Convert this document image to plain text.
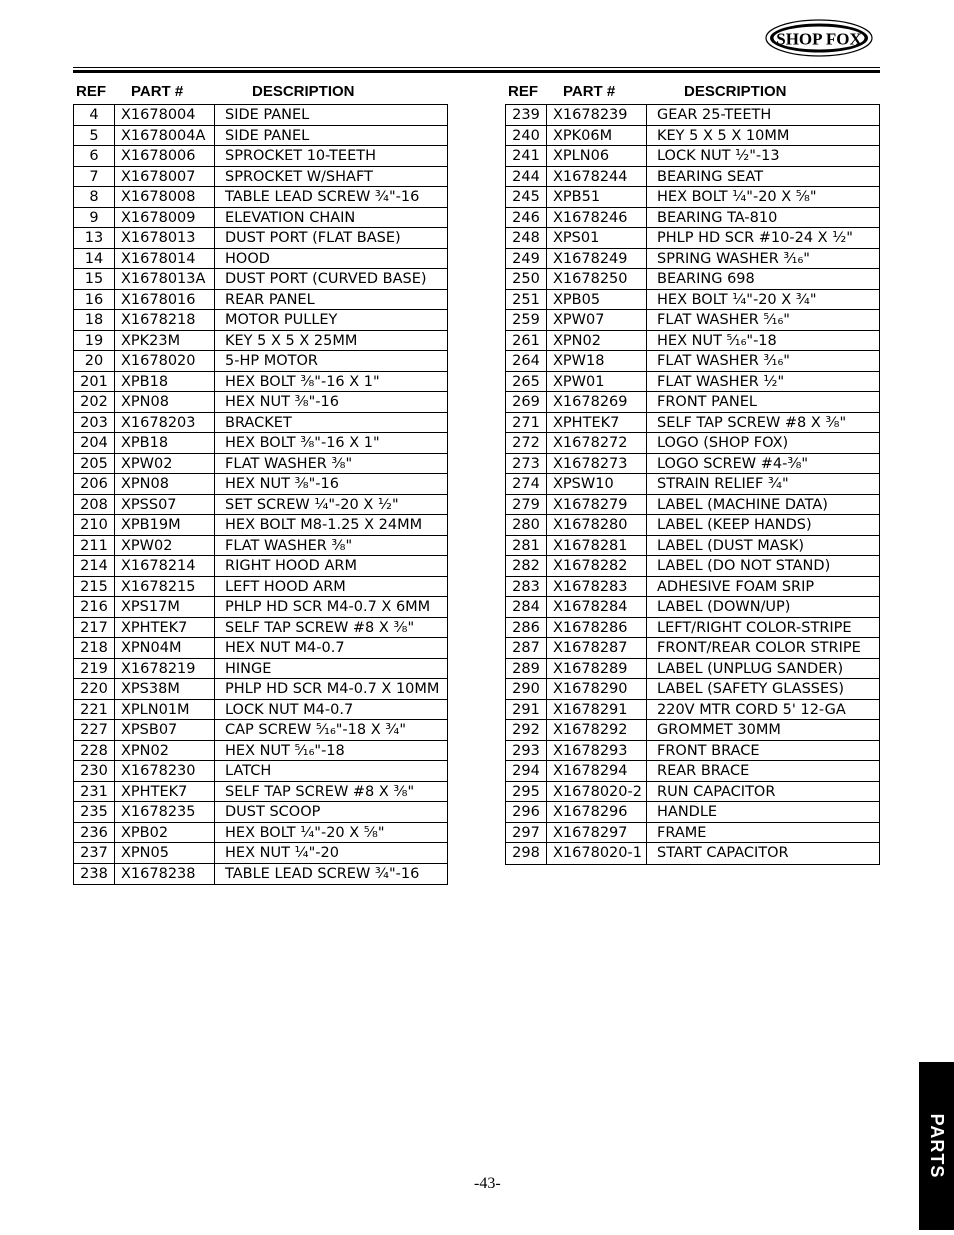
SHOP FOX
REF PART #	DESCRIPTION	REF PART #	DESCRIPTION
4	X1678004	SIDE PANEL
5	X1678004A	SIDE PANEL
6	X1678006	SPROCKET 10-TEETH
7	X1678007	SPROCKET W/SHAFT
8	X1678008	TABLE LEAD SCREW ³⁄₄"-16
9	X1678009	ELEVATION CHAIN
13	X1678013	DUST PORT (FLAT BASE)
14	X1678014	HOOD
15	X1678013A	DUST PORT (CURVED BASE)
16	X1678016	REAR PANEL
18	X1678218	MOTOR PULLEY
19	XPK23M	KEY 5 X 5 X 25MM
20	X1678020	5-HP MOTOR
201 XPB18	HEX BOLT ³⁄₈"-16 X 1"
202 XPN08	HEX NUT ³⁄₈"-16
203 X1678203	BRACKET
204 XPB18	HEX BOLT ³⁄₈"-16 X 1"
205 XPW02	FLAT WASHER ³⁄₈"
206 XPN08	HEX NUT ³⁄₈"-16
208 XPSS07	SET SCREW ¹⁄₄"-20 X ¹⁄₂"
210 XPB19M	HEX BOLT M8-1.25 X 24MM
211 XPW02	FLAT WASHER ³⁄₈"
214 X1678214	RIGHT HOOD ARM
215 X1678215	LEFT HOOD ARM
216 XPS17M	PHLP HD SCR M4-0.7 X 6MM
217 XPHTEK7	SELF TAP SCREW #8 X ³⁄₈"
218 XPN04M	HEX NUT M4-0.7
219 X1678219	HINGE
220 XPS38M	PHLP HD SCR M4-0.7 X 10MM
221 XPLN01M	LOCK NUT M4-0.7
227 XPSB07	CAP SCREW ⁵⁄₁₆"-18 X ³⁄₄"
228 XPN02	HEX NUT ⁵⁄₁₆"-18
230 X1678230	LATCH
231 XPHTEK7	SELF TAP SCREW #8 X ³⁄₈"
235 X1678235	DUST SCOOP
236 XPB02	HEX BOLT ¹⁄₄"-20 X ⁵⁄₈"
237 XPN05	HEX NUT ¹⁄₄"-20
238 X1678238	TABLE LEAD SCREW ³⁄₄"-16
239 X1678239	GEAR 25-TEETH
240 XPK06M	KEY 5 X 5 X 10MM
241 XPLN06	LOCK NUT ¹⁄₂"-13
244 X1678244	BEARING SEAT
245 XPB51	HEX BOLT ¹⁄₄"-20 X ⁵⁄₈"
246 X1678246	BEARING TA-810
248 XPS01	PHLP HD SCR #10-24 X ¹⁄₂"
249 X1678249	SPRING WASHER ³⁄₁₆"
250 X1678250	BEARING 698
251 XPB05	HEX BOLT ¹⁄₄"-20 X ³⁄₄"
259 XPW07	FLAT WASHER ⁵⁄₁₆"
261 XPN02	HEX NUT ⁵⁄₁₆"-18
264 XPW18	FLAT WASHER ³⁄₁₆"
265 XPW01	FLAT WASHER ¹⁄₂"
269 X1678269	FRONT PANEL
271 XPHTEK7	SELF TAP SCREW #8 X ³⁄₈"
272 X1678272	LOGO (SHOP FOX)
273 X1678273	LOGO SCREW #4-³⁄₈"
274 XPSW10	STRAIN RELIEF ³⁄₄"
279 X1678279	LABEL (MACHINE DATA)
280 X1678280	LABEL (KEEP HANDS)
281 X1678281	LABEL (DUST MASK)
282 X1678282	LABEL (DO NOT STAND)
283 X1678283	ADHESIVE FOAM SRIP
284 X1678284	LABEL (DOWN/UP)
286 X1678286	LEFT/RIGHT COLOR-STRIPE
287 X1678287	FRONT/REAR COLOR STRIPE
289 X1678289	LABEL (UNPLUG SANDER)
290 X1678290	LABEL (SAFETY GLASSES)
291 X1678291	220V MTR CORD 5' 12-GA
292 X1678292	GROMMET 30MM
293 X1678293	FRONT BRACE
294 X1678294	REAR BRACE
295 X1678020-2	RUN CAPACITOR
296 X1678296	HANDLE
297 X1678297	FRAME
298 X1678020-1	START CAPACITOR
-43-
PARTS
